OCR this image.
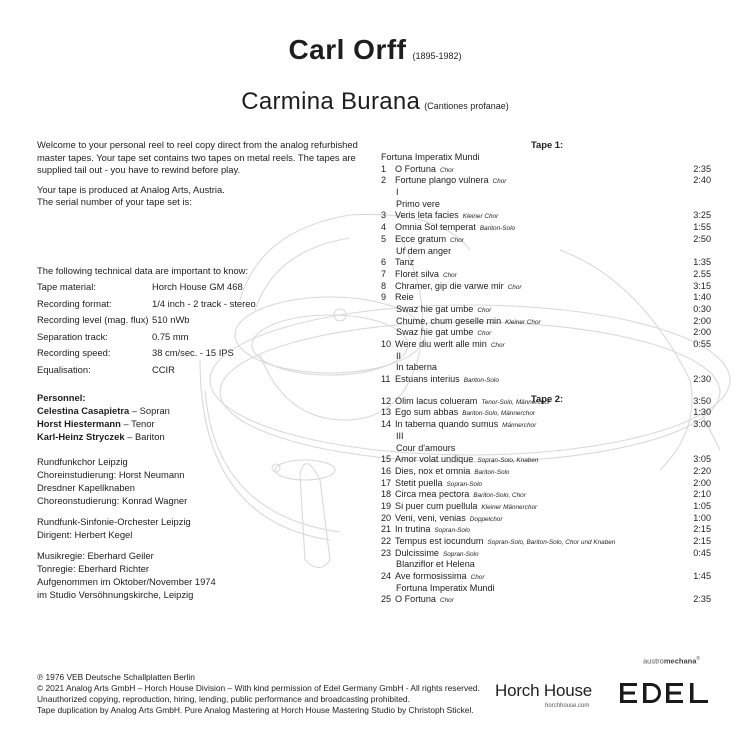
Carl Orff (1895-1982)
Carmina Burana (Cantiones profanae)

Welcome to your personal reel to reel copy direct from the analog refurbished master tapes. Your tape set contains two tapes on metal reels. The tapes are supplied tail out - you have to rewind before play.

Your tape is produced at Analog Arts, Austria.
The serial number of your tape set is:
The following technical data are important to know:
Tape material:	Horch House GM 468
Recording format:	1/4 inch - 2 track - stereo
Recording level (mag. flux) 510 nWb
Separation track:	0.75 mm
Recording speed:	38 cm/sec. - 15 IPS
Equalisation:	CCIR
Personnel:
Celestina Casapietra – Sopran
Horst Hiestermann – Tenor
Karl-Heinz Stryczek – Bariton
Rundfunkchor Leipzig
Choreinstudierung: Horst Neumann
Dresdner Kapellknaben
Choreonstudierung: Konrad Wagner
Rundfunk-Sinfonie-Orchester Leipzig
Dirigent: Herbert Kegel
Musikregie: Eberhard Geiler
Tonregie: Eberhard Richter
Aufgenommen im Oktober/November 1974
im Studio Versöhnungskirche, Leipzig
Tape 1:
Fortuna Imperatix Mundi
1 O Fortuna Chor	2:35
2 Fortune plango vulnera Chor	2:40
I
Primo vere
3 Veris leta facies Kleiner Chor	3:25
4 Omnia Sol temperat Bariton-Solo	1:55
5 Ecce gratum Chor	2:50
Uf dem anger
6 Tanz	1:35
7 Floret silva Chor	2.55
8 Chramer, gip die varwe mir Chor	3:15
9 Reie	1:40
Swaz hie gat umbe Chor	0:30
Chume, chum geselle min Kleiner Chor	2:00
Swaz hie gat umbe Chor	2:00
10 Were diu werlt alle min Chor	0:55
II
In taberna
11 Estuans interius Bariton-Solo	2:30
Tape 2:
12 Olim lacus colueram Tenor-Solo, Männerchor	3:50
13 Ego sum abbas Bariton-Solo, Männerchor	1:30
14 In taberna quando sumus Männerchor	3:00
III
Cour d'amours
15 Amor volat undique Sopran-Solo, Knaben	3:05
16 Dies, nox et omnia Bariton-Solo	2:20
17 Stetit puella Sopran-Solo	2:00
18 Circa mea pectora Bariton-Solo, Chor	2:10
19 Si puer cum puellula Kleiner Männerchor	1:05
20 Veni, veni, venias Doppelchor	1:00
21 In trutina Sopran-Solo	2:15
22 Tempus est iocundum Sopran-Solo, Bariton-Solo, Chor und Knaben	2:15
23 Dulcissime Sopran-Solo	0:45
Blanziflor et Helena
24 Ave formosissima Chor	1:45
Fortuna Imperatix Mundi
25 O Fortuna Chor	2:35
austromechana®
℗ 1976 VEB Deutsche Schallplatten Berlin
© 2021 Analog Arts GmbH – Horch House Division – With kind permission of Edel Germany GmbH - All rights reserved.
Unauthorized copying, reproduction, hiring, lending, public performance and broadcasting prohibited.
Tape duplication by Analog Arts GmbH. Pure Analog Mastering at Horch House Mastering Studio by Christoph Stickel.
Horch House
horchhouse.com
